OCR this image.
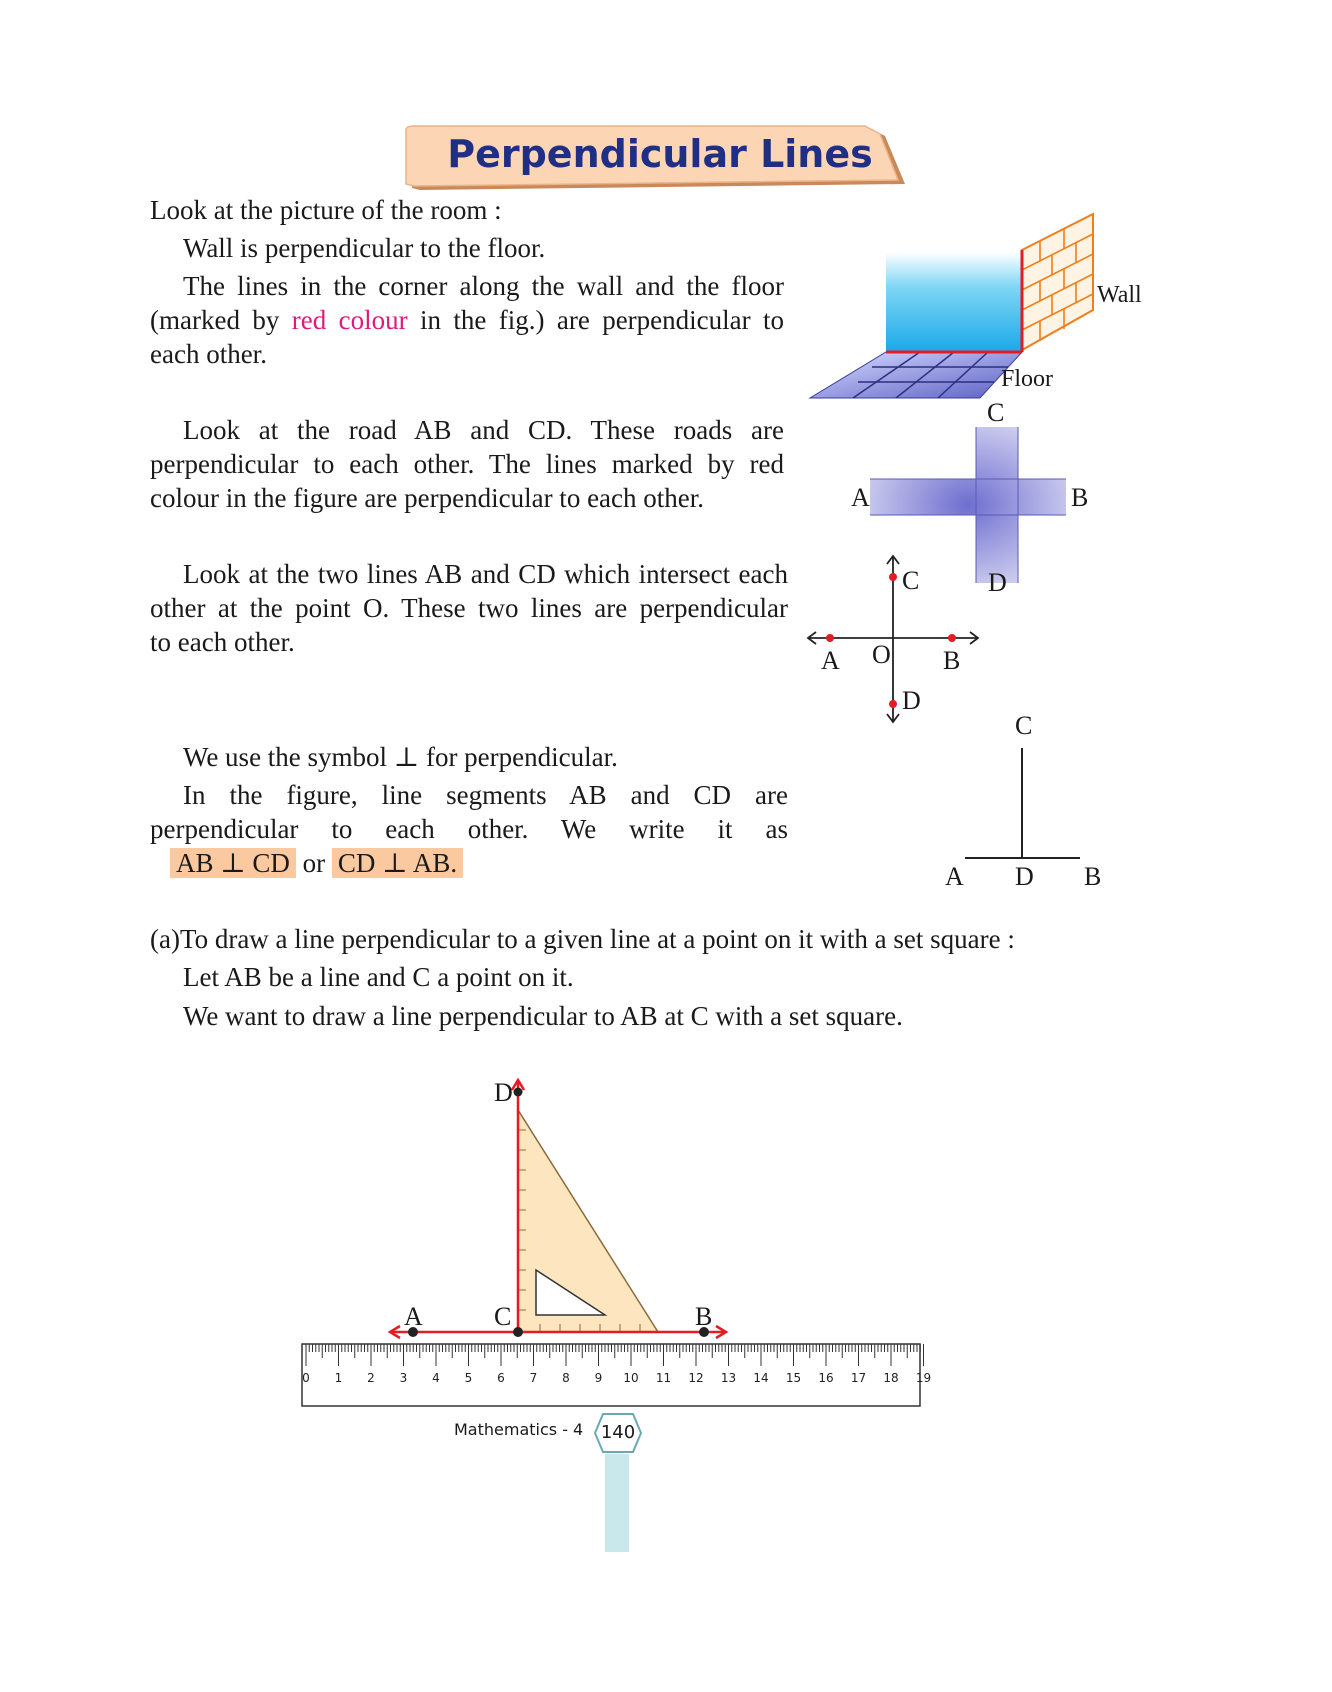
Perpendicular Lines
Look at the picture of the room :
Wall is perpendicular to the floor.
The lines in the corner along the wall and the floor
(marked by red colour in the fig.) are perpendicular to
each other.
Look at the road AB and CD. These roads are
perpendicular to each other. The lines marked by red
colour in the figure are perpendicular to each other.
Look at the two lines AB and CD which intersect each
other at the point O. These two lines are perpendicular
to each other.
We use the symbol ⊥ for perpendicular.
In the figure, line segments AB and CD are
perpendicular to each other. We write it as
AB ⊥ CD or CD ⊥ AB.
(a)To draw a line perpendicular to a given line at a point on it with a set square :
Let AB be a line and C a point on it.
We want to draw a line perpendicular to AB at C with a set square.
Wall
Floor
C
A	B
D
C
A O B
D
C
A D B
0 1 2 3 4 5 6 7 8 9 10 11 12 13 14 15 16 17 18 19
D
A	C	B
Mathematics - 4 140
